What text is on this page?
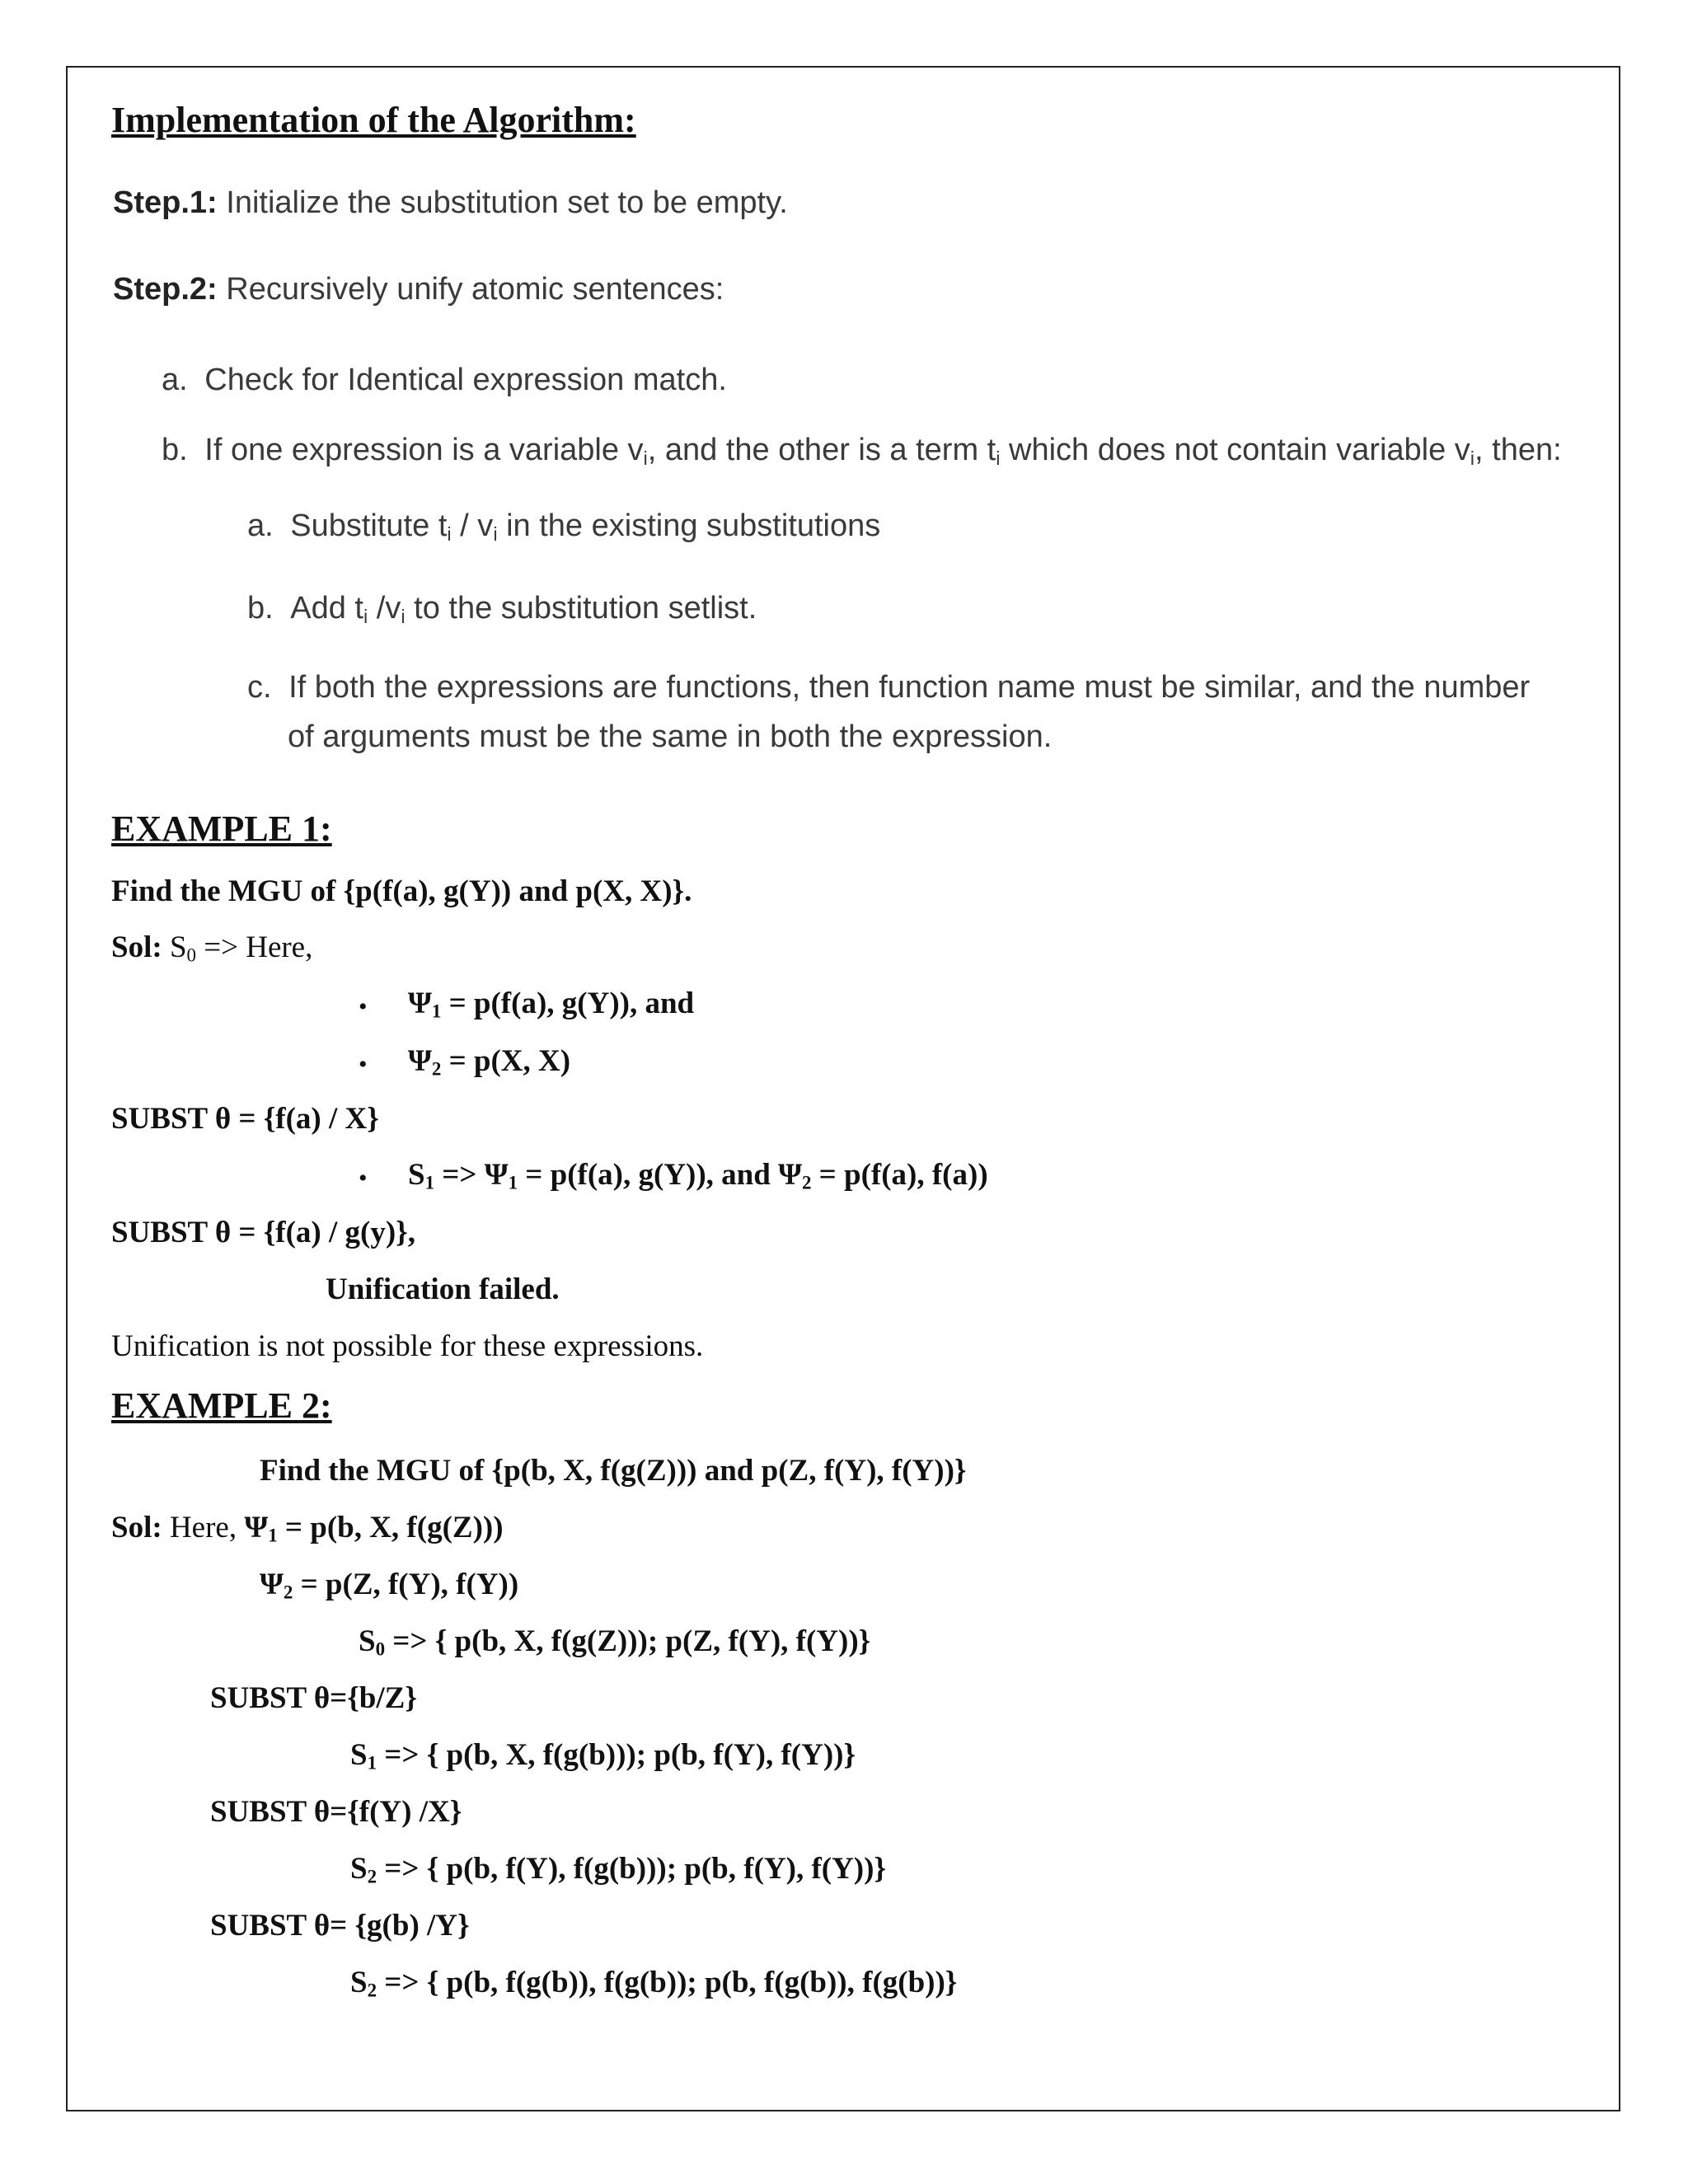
Implementation of the Algorithm:
Step.1: Initialize the substitution set to be empty.
Step.2: Recursively unify atomic sentences:
a. Check for Identical expression match.
b. If one expression is a variable $v_i$, and the other is a term $t_i$ which does not contain variable $v_i$, then:
a. Substitute $t_i / v_i$ in the existing substitutions
b. Add $t_i$ $/v_i$ to the substitution setlist.
c. If both the expressions are functions, then function name must be similar, and the number
of arguments must be the same in both the expression.
EXAMPLE 1:
Find the MGU of {p(f(a), g(Y)) and p(X, X)}.
Sol: $S_0$ => Here,
• $\Psi_1 = p(f(a)$, g(Y)), and
• $\Psi_2 = p(X$, X)
SUBST θ = {f(a) / X}
• $S_1 => \Psi_1 = p(f(a)$, g(Y)), and $\Psi_2 = p(f(a)$, f(a))
SUBST θ = {f(a) / g(y)},
Unification failed.
Unification is not possible for these expressions.
EXAMPLE 2:
Find the MGU of {p(b, X, f(g(Z))) and p(Z, f(Y), f(Y))}
Sol: Here, $\Psi_1 = p(b$, X, f(g(Z)))
$\Psi_2 = p(Z$, f(Y), f(Y))
$S_0$ => { p(b, X, f(g(Z))); p(Z, f(Y), f(Y))}
SUBST θ={b/Z}
$S_1$ => { p(b, X, f(g(b))); p(b, f(Y), f(Y))}
SUBST θ={f(Y) /X}
$S_2$ => { p(b, f(Y), f(g(b))); p(b, f(Y), f(Y))}
SUBST θ= {g(b) /Y}
$S_2$ => { p(b, f(g(b)), f(g(b)); p(b, f(g(b)), f(g(b))}
